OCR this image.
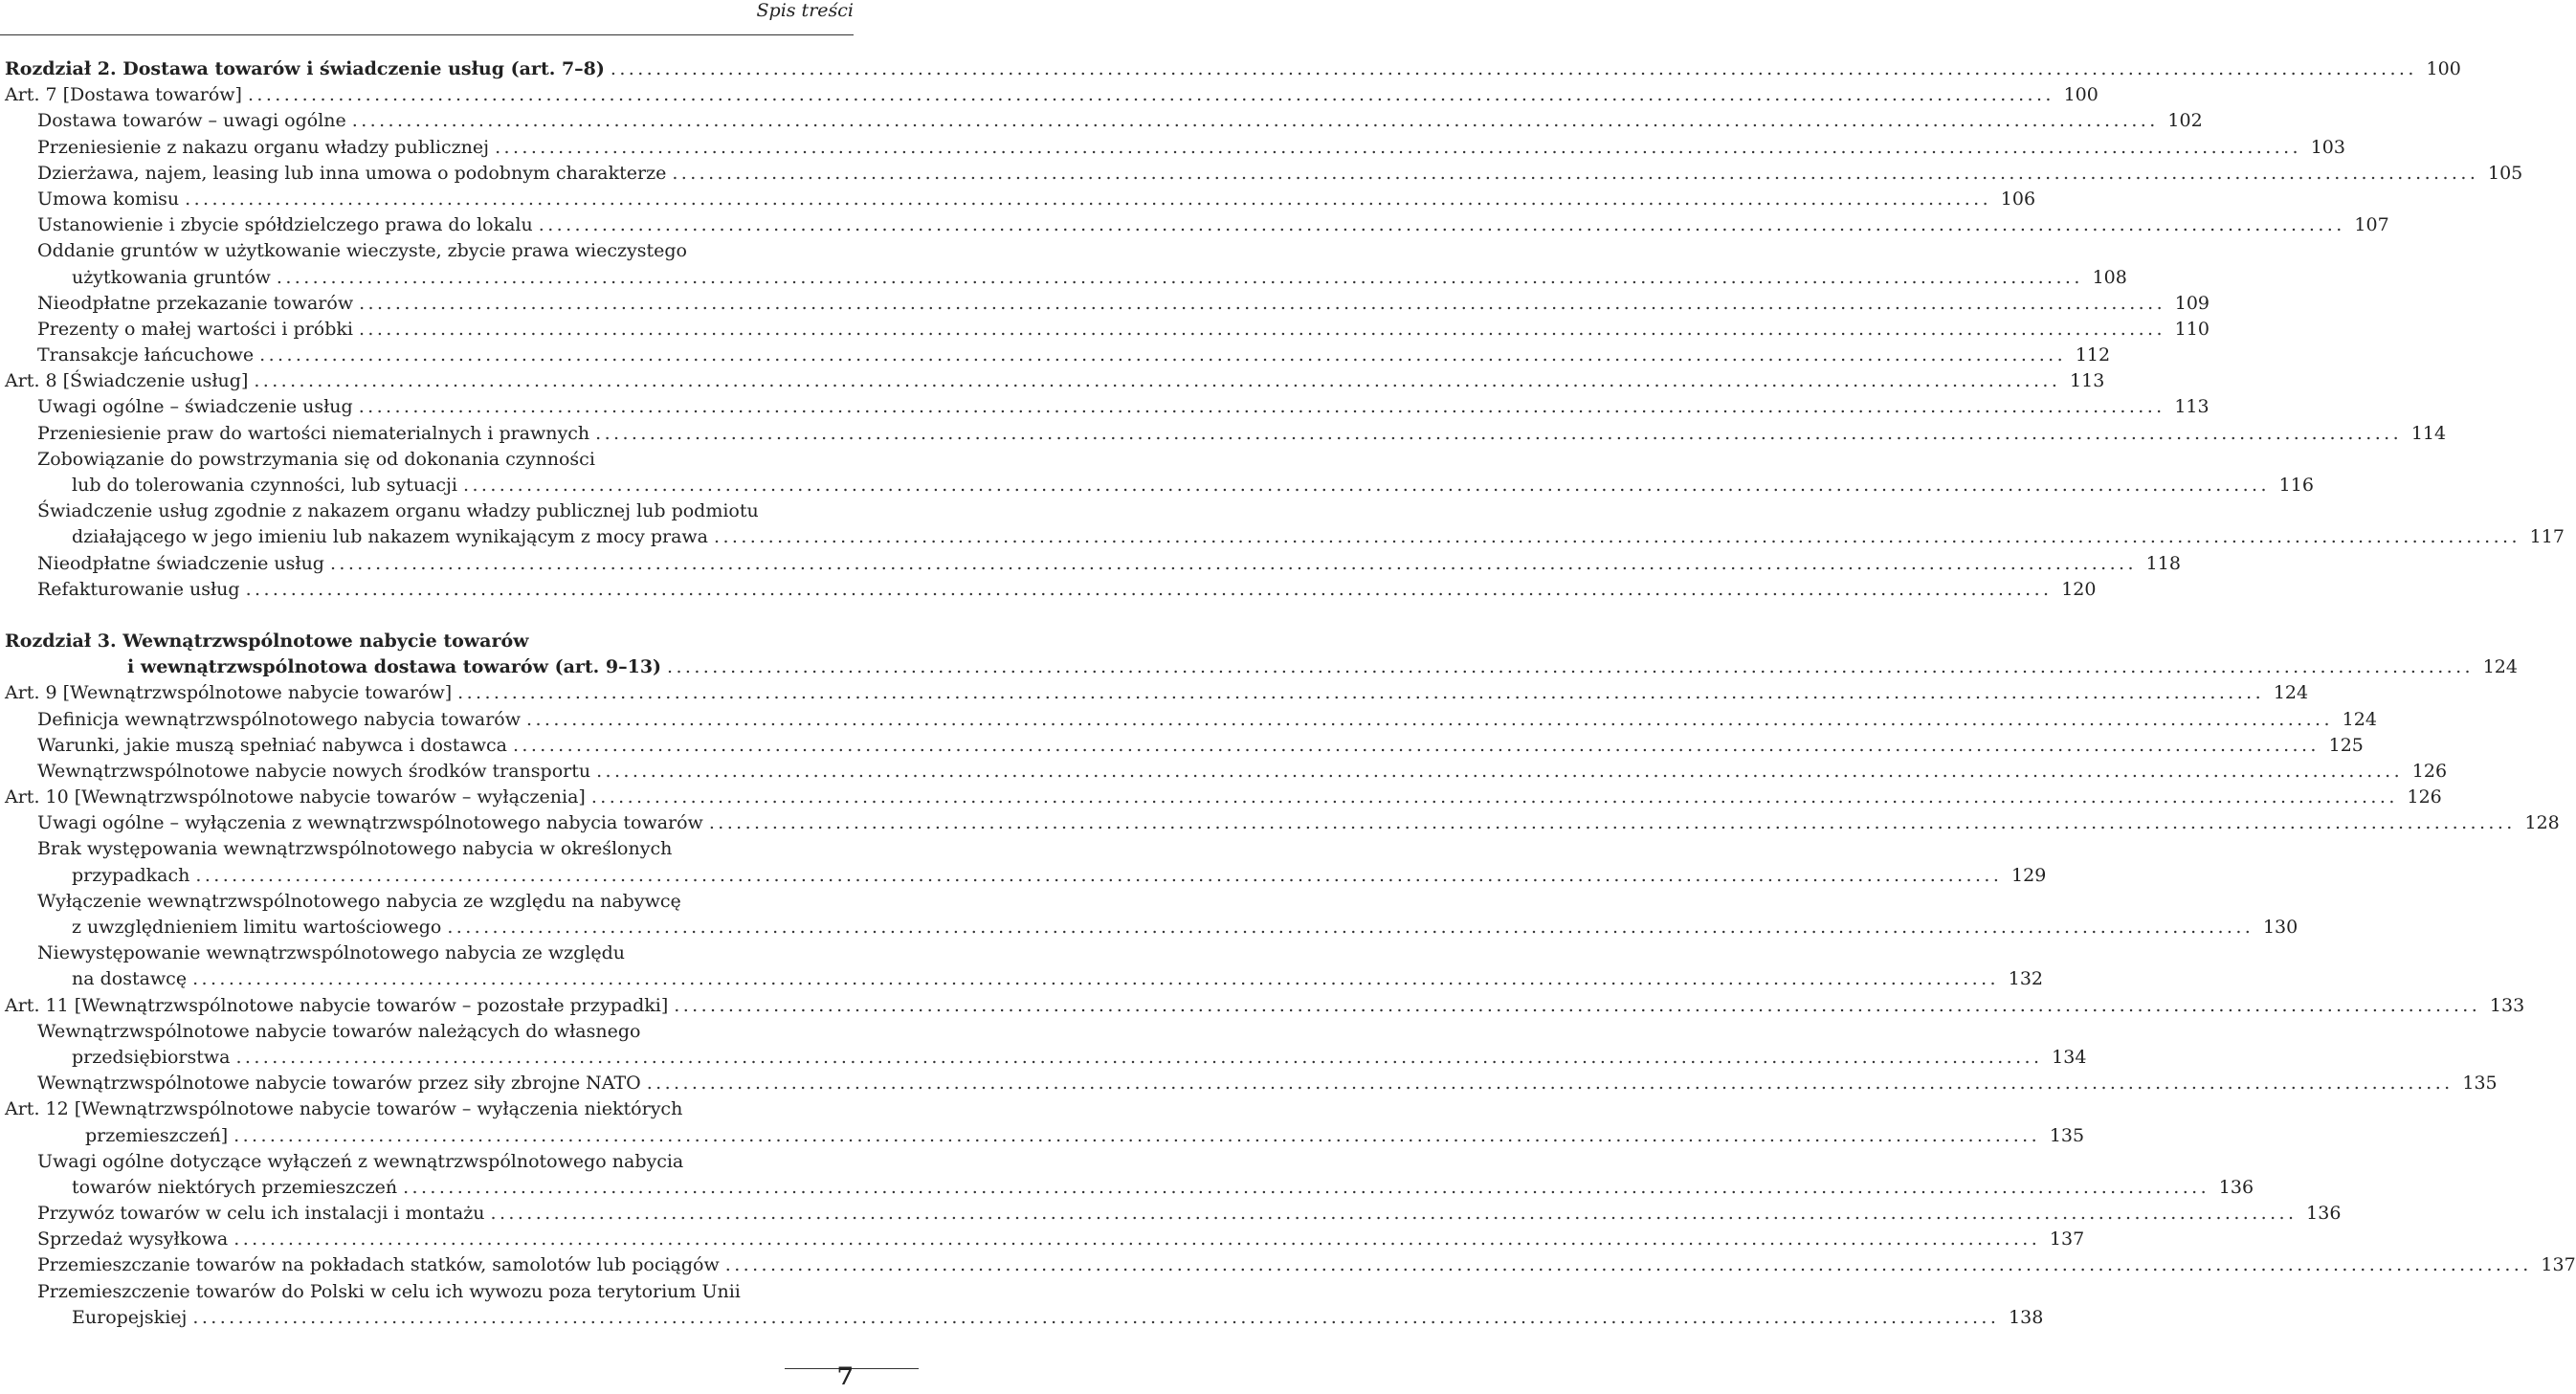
Spis treści
Rozdział 2. Dostawa towarów i świadczenie usług (art. 7–8) ........................................................................................................................................................................................................ 100
Art. 7 [Dostawa towarów] ........................................................................................................................................................................................................ 100
Dostawa towarów – uwagi ogólne ........................................................................................................................................................................................................ 102
Przeniesienie z nakazu organu władzy publicznej ........................................................................................................................................................................................................ 103
Dzierżawa, najem, leasing lub inna umowa o podobnym charakterze ........................................................................................................................................................................................................ 105
Umowa komisu ........................................................................................................................................................................................................ 106
Ustanowienie i zbycie spółdzielczego prawa do lokalu ........................................................................................................................................................................................................ 107
Oddanie gruntów w użytkowanie wieczyste, zbycie prawa wieczystego
użytkowania gruntów ........................................................................................................................................................................................................ 108
Nieodpłatne przekazanie towarów ........................................................................................................................................................................................................ 109
Prezenty o małej wartości i próbki ........................................................................................................................................................................................................ 110
Transakcje łańcuchowe ........................................................................................................................................................................................................ 112
Art. 8 [Świadczenie usług] ........................................................................................................................................................................................................ 113
Uwagi ogólne – świadczenie usług ........................................................................................................................................................................................................ 113
Przeniesienie praw do wartości niematerialnych i prawnych ........................................................................................................................................................................................................ 114
Zobowiązanie do powstrzymania się od dokonania czynności
lub do tolerowania czynności, lub sytuacji ........................................................................................................................................................................................................ 116
Świadczenie usług zgodnie z nakazem organu władzy publicznej lub podmiotu
działającego w jego imieniu lub nakazem wynikającym z mocy prawa ........................................................................................................................................................................................................ 117
Nieodpłatne świadczenie usług ........................................................................................................................................................................................................ 118
Refakturowanie usług ........................................................................................................................................................................................................ 120
Rozdział 3. Wewnątrzwspólnotowe nabycie towarów
i wewnątrzwspólnotowa dostawa towarów (art. 9–13) ........................................................................................................................................................................................................ 124
Art. 9 [Wewnątrzwspólnotowe nabycie towarów] ........................................................................................................................................................................................................ 124
Definicja wewnątrzwspólnotowego nabycia towarów ........................................................................................................................................................................................................ 124
Warunki, jakie muszą spełniać nabywca i dostawca ........................................................................................................................................................................................................ 125
Wewnątrzwspólnotowe nabycie nowych środków transportu ........................................................................................................................................................................................................ 126
Art. 10 [Wewnątrzwspólnotowe nabycie towarów – wyłączenia] ........................................................................................................................................................................................................ 126
Uwagi ogólne – wyłączenia z wewnątrzwspólnotowego nabycia towarów ........................................................................................................................................................................................................ 128
Brak występowania wewnątrzwspólnotowego nabycia w określonych
przypadkach ........................................................................................................................................................................................................ 129
Wyłączenie wewnątrzwspólnotowego nabycia ze względu na nabywcę
z uwzględnieniem limitu wartościowego ........................................................................................................................................................................................................ 130
Niewystępowanie wewnątrzwspólnotowego nabycia ze względu
na dostawcę ........................................................................................................................................................................................................ 132
Art. 11 [Wewnątrzwspólnotowe nabycie towarów – pozostałe przypadki] ........................................................................................................................................................................................................ 133
Wewnątrzwspólnotowe nabycie towarów należących do własnego
przedsiębiorstwa ........................................................................................................................................................................................................ 134
Wewnątrzwspólnotowe nabycie towarów przez siły zbrojne NATO ........................................................................................................................................................................................................ 135
Art. 12 [Wewnątrzwspólnotowe nabycie towarów – wyłączenia niektórych
przemieszczeń] ........................................................................................................................................................................................................ 135
Uwagi ogólne dotyczące wyłączeń z wewnątrzwspólnotowego nabycia
towarów niektórych przemieszczeń ........................................................................................................................................................................................................ 136
Przywóz towarów w celu ich instalacji i montażu ........................................................................................................................................................................................................ 136
Sprzedaż wysyłkowa ........................................................................................................................................................................................................ 137
Przemieszczanie towarów na pokładach statków, samolotów lub pociągów ........................................................................................................................................................................................................ 137
Przemieszczenie towarów do Polski w celu ich wywozu poza terytorium Unii
Europejskiej ........................................................................................................................................................................................................ 138
7
